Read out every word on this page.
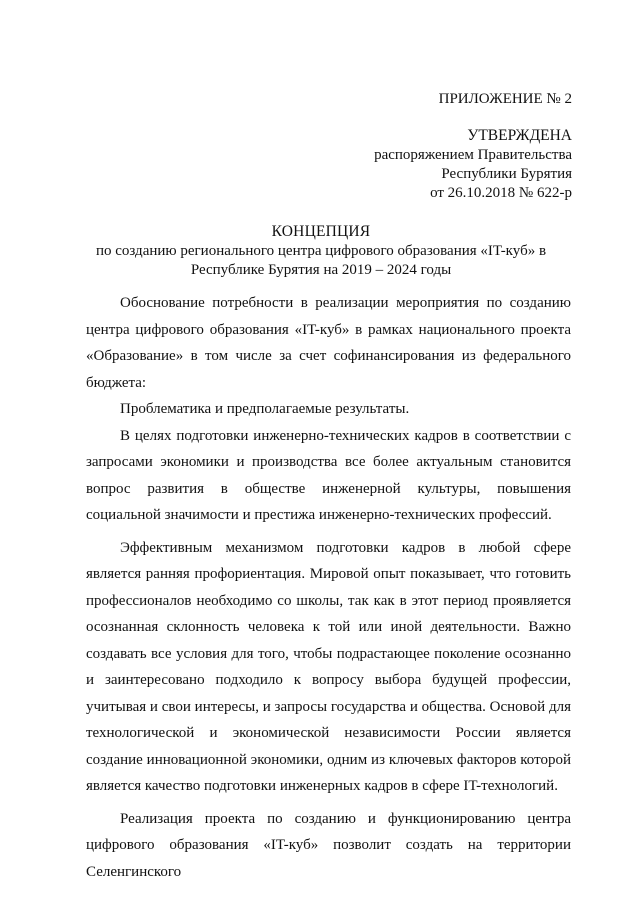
ПРИЛОЖЕНИЕ № 2
УТВЕРЖДЕНА
распоряжением Правительства
Республики Бурятия
от 26.10.2018 № 622-р
КОНЦЕПЦИЯ
по созданию регионального центра цифрового образования «IT-куб» в
Республике Бурятия на 2019 – 2024 годы

Обоснование потребности в реализации мероприятия по созданию центра цифрового образования «IT-куб» в рамках национального проекта «Образование» в том числе за счет софинансирования из федерального бюджета:

Проблематика и предполагаемые результаты.

В целях подготовки инженерно-технических кадров в соответствии с запросами экономики и производства все более актуальным становится вопрос развития в обществе инженерной культуры, повышения социальной значимости и престижа инженерно-технических профессий.

Эффективным механизмом подготовки кадров в любой сфере является ранняя профориентация. Мировой опыт показывает, что готовить профессионалов необходимо со школы, так как в этот период проявляется осознанная склонность человека к той или иной деятельности. Важно создавать все условия для того, чтобы подрастающее поколение осознанно и заинтересовано подходило к вопросу выбора будущей профессии, учитывая и свои интересы, и запросы государства и общества. Основой для технологической и экономической независимости России является создание инновационной экономики, одним из ключевых факторов которой является качество подготовки инженерных кадров в сфере IT-технологий.

Реализация проекта по созданию и функционированию центра цифрового образования «IT-куб» позволит создать на территории Селенгинского
